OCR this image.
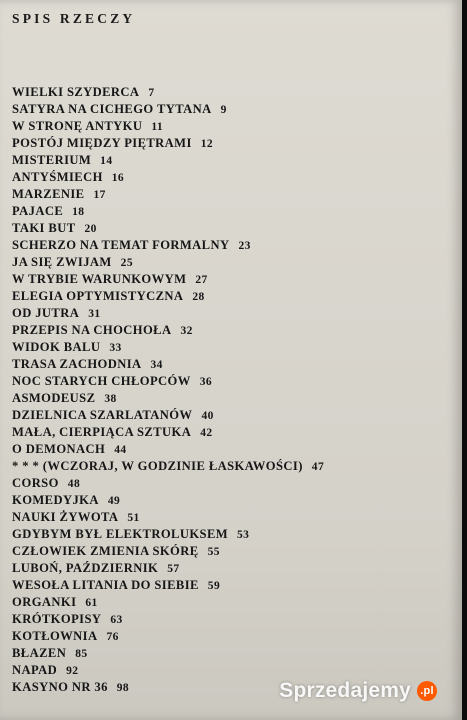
SPIS RZECZY
WIELKI SZYDERCA 7
SATYRA NA CICHEGO TYTANA 9
W STRONĘ ANTYKU 11
POSTÓJ MIĘDZY PIĘTRAMI 12
MISTERIUM 14
ANTYŚMIECH 16
MARZENIE 17
PAJACE 18
TAKI BUT 20
SCHERZO NA TEMAT FORMALNY 23
JA SIĘ ZWIJAM 25
W TRYBIE WARUNKOWYM 27
ELEGIA OPTYMISTYCZNA 28
OD JUTRA 31
PRZEPIS NA CHOCHOŁA 32
WIDOK BALU 33
TRASA ZACHODNIA 34
NOC STARYCH CHŁOPCÓW 36
ASMODEUSZ 38
DZIELNICA SZARLATANÓW 40
MAŁA, CIERPIĄCA SZTUKA 42
O DEMONACH 44
* * * (WCZORAJ, W GODZINIE ŁASKAWOŚCI) 47
CORSO 48
KOMEDYJKA 49
NAUKI ŻYWOTA 51
GDYBYM BYŁ ELEKTROLUKSEM 53
CZŁOWIEK ZMIENIA SKÓRĘ 55
LUBOŃ, PAŹDZIERNIK 57
WESOŁA LITANIA DO SIEBIE 59
ORGANKI 61
KRÓTKOPISY 63
KOTŁOWNIA 76
BŁAZEN 85
NAPAD 92
KASYNO NR 36 98	Sprzedajemy .pl
